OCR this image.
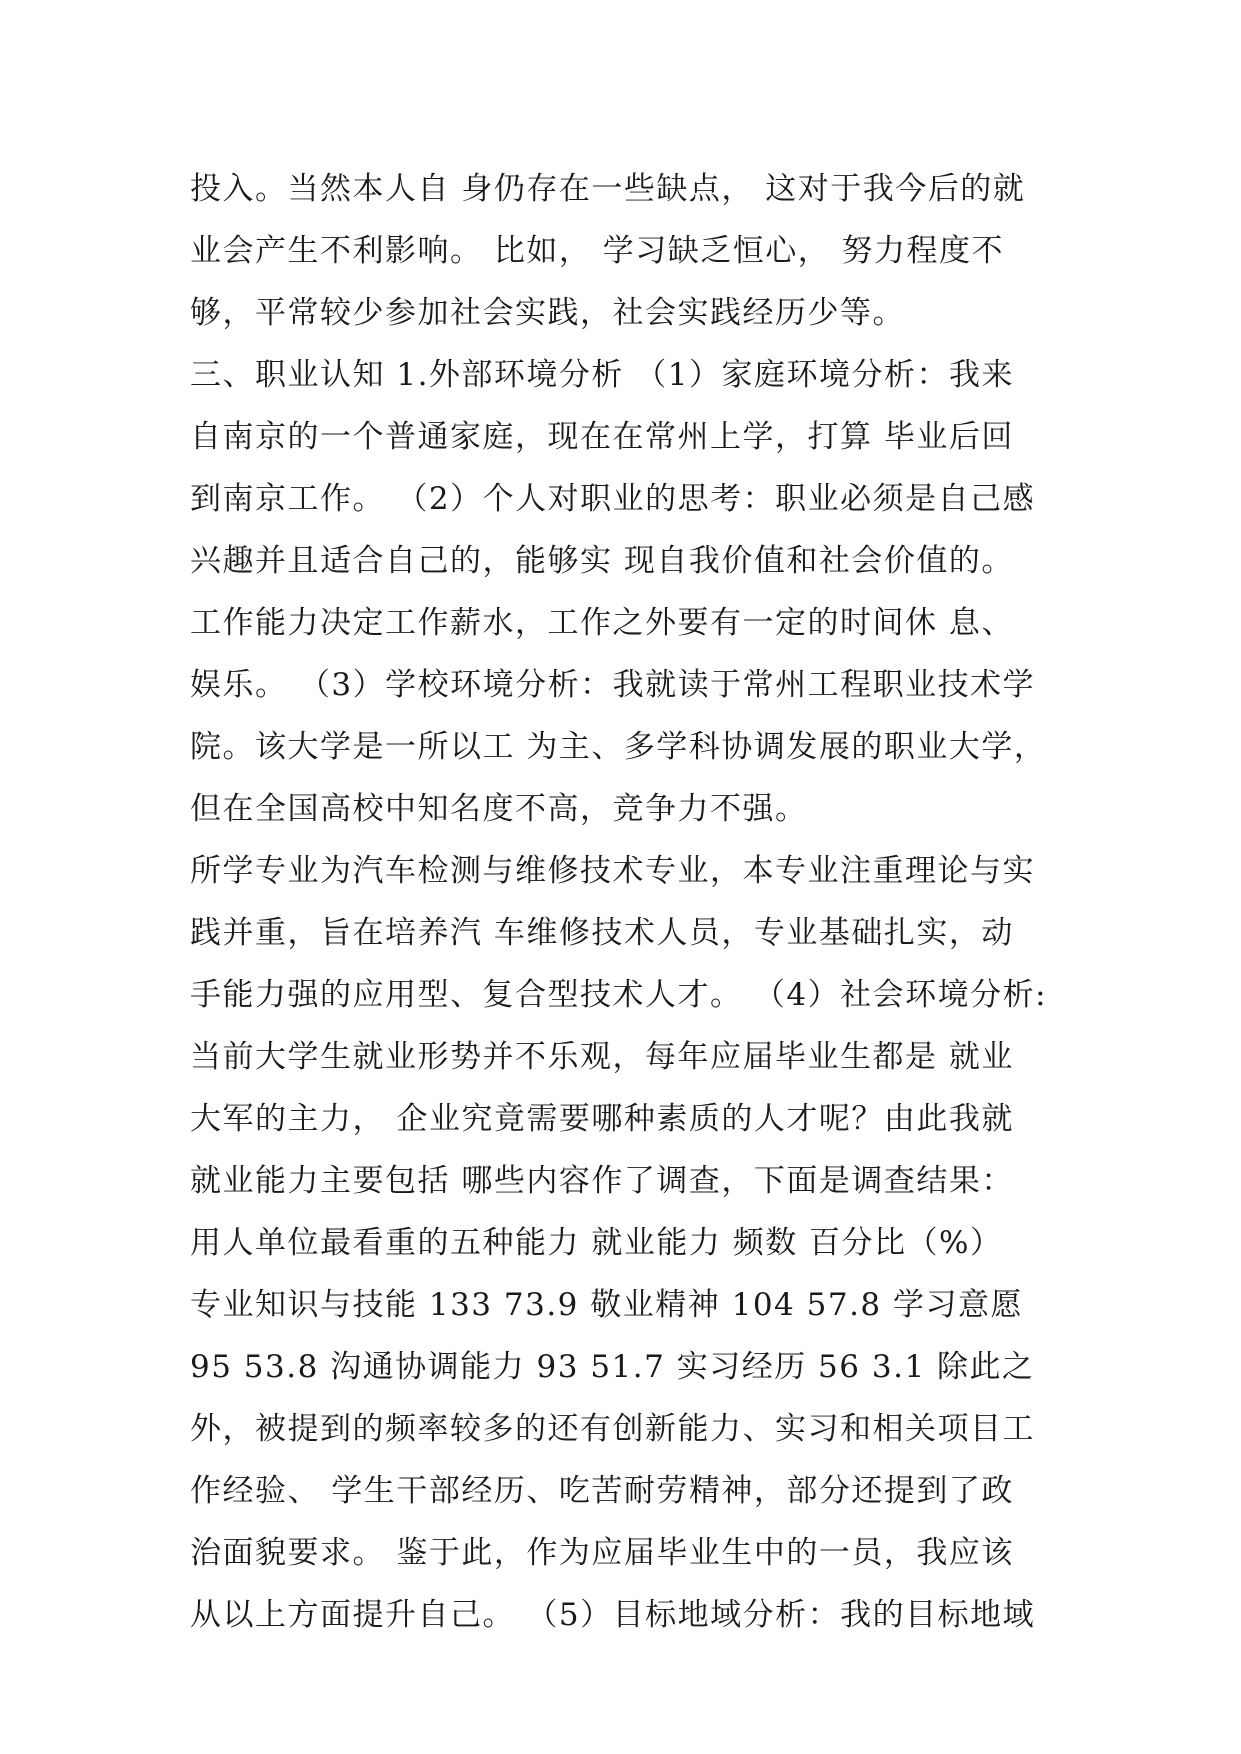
投入。当然本人自 身仍存在一些缺点， 这对于我今后的就
业会产生不利影响。 比如， 学习缺乏恒心， 努力程度不
够，平常较少参加社会实践，社会实践经历少等。
三、职业认知 1.外部环境分析 （1）家庭环境分析：我来
自南京的一个普通家庭，现在在常州上学，打算 毕业后回
到南京工作。 （2）个人对职业的思考：职业必须是自己感
兴趣并且适合自己的，能够实 现自我价值和社会价值的。
工作能力决定工作薪水，工作之外要有一定的时间休 息、
娱乐。 （3）学校环境分析：我就读于常州工程职业技术学
院。该大学是一所以工 为主、多学科协调发展的职业大学，
但在全国高校中知名度不高，竞争力不强。
所学专业为汽车检测与维修技术专业，本专业注重理论与实
践并重，旨在培养汽 车维修技术人员，专业基础扎实，动
手能力强的应用型、复合型技术人才。 （4）社会环境分析:
当前大学生就业形势并不乐观，每年应届毕业生都是 就业
大军的主力， 企业究竟需要哪种素质的人才呢？由此我就
就业能力主要包括 哪些内容作了调查，下面是调查结果：
用人单位最看重的五种能力 就业能力 频数 百分比（%）
专业知识与技能 133 73.9 敬业精神 104 57.8 学习意愿
95 53.8 沟通协调能力 93 51.7 实习经历 56 3.1 除此之
外，被提到的频率较多的还有创新能力、实习和相关项目工
作经验、 学生干部经历、吃苦耐劳精神，部分还提到了政
治面貌要求。 鉴于此，作为应届毕业生中的一员，我应该
从以上方面提升自己。 （5）目标地域分析：我的目标地域
